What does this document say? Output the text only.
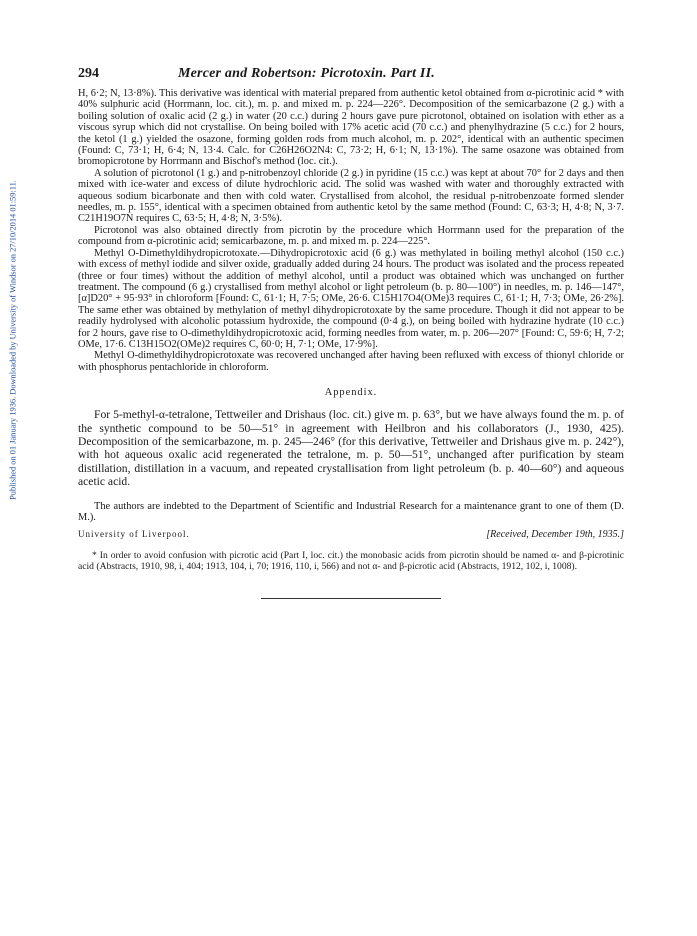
Published on 01 January 1936. Downloaded by University of Windsor on 27/10/2014 01:59:11.
294	Mercer and Robertson: Picrotoxin. Part II.

H, 6·2; N, 13·8%). This derivative was identical with material prepared from authentic ketol obtained from α-picrotinic acid * with 40% sulphuric acid (Horrmann, loc. cit.), m. p. and mixed m. p. 224—226°. Decomposition of the semicarbazone (2 g.) with a boiling solution of oxalic acid (2 g.) in water (20 c.c.) during 2 hours gave pure picrotonol, obtained on isolation with ether as a viscous syrup which did not crystallise. On being boiled with 17% acetic acid (70 c.c.) and phenylhydrazine (5 c.c.) for 2 hours, the ketol (1 g.) yielded the osazone, forming golden rods from much alcohol, m. p. 202°, identical with an authentic specimen (Found: C, 73·1; H, 6·4; N, 13·4. Calc. for C26H26O2N4: C, 73·2; H, 6·1; N, 13·1%). The same osazone was obtained from bromopicrotone by Horrmann and Bischof's method (loc. cit.).

A solution of picrotonol (1 g.) and p-nitrobenzoyl chloride (2 g.) in pyridine (15 c.c.) was kept at about 70° for 2 days and then mixed with ice-water and excess of dilute hydrochloric acid. The solid was washed with water and thoroughly extracted with aqueous sodium bicarbonate and then with cold water. Crystallised from alcohol, the residual p-nitrobenzoate formed slender needles, m. p. 155°, identical with a specimen obtained from authentic ketol by the same method (Found: C, 63·3; H, 4·8; N, 3·7. C21H19O7N requires C, 63·5; H, 4·8; N, 3·5%).

Picrotonol was also obtained directly from picrotin by the procedure which Horrmann used for the preparation of the compound from α-picrotinic acid; semicarbazone, m. p. and mixed m. p. 224—225°.

Methyl O-Dimethyldihydropicrotoxate.—Dihydropicrotoxic acid (6 g.) was methylated in boiling methyl alcohol (150 c.c.) with excess of methyl iodide and silver oxide, gradually added during 24 hours. The product was isolated and the process repeated (three or four times) without the addition of methyl alcohol, until a product was obtained which was unchanged on further treatment. The compound (6 g.) crystallised from methyl alcohol or light petroleum (b. p. 80—100°) in needles, m. p. 146—147°, [α]D20° + 95·93° in chloroform [Found: C, 61·1; H, 7·5; OMe, 26·6. C15H17O4(OMe)3 requires C, 61·1; H, 7·3; OMe, 26·2%]. The same ether was obtained by methylation of methyl dihydropicrotoxate by the same procedure. Though it did not appear to be readily hydrolysed with alcoholic potassium hydroxide, the compound (0·4 g.), on being boiled with hydrazine hydrate (10 c.c.) for 2 hours, gave rise to O-dimethyldihydropicrotoxic acid, forming needles from water, m. p. 206—207° [Found: C, 59·6; H, 7·2; OMe, 17·6. C13H15O2(OMe)2 requires C, 60·0; H, 7·1; OMe, 17·9%].

Methyl O-dimethyldihydropicrotoxate was recovered unchanged after having been refluxed with excess of thionyl chloride or with phosphorus pentachloride in chloroform.

Appendix.

For 5-methyl-α-tetralone, Tettweiler and Drishaus (loc. cit.) give m. p. 63°, but we have always found the m. p. of the synthetic compound to be 50—51° in agreement with Heilbron and his collaborators (J., 1930, 425). Decomposition of the semicarbazone, m. p. 245—246° (for this derivative, Tettweiler and Drishaus give m. p. 242°), with hot aqueous oxalic acid regenerated the tetralone, m. p. 50—51°, unchanged after purification by steam distillation, distillation in a vacuum, and repeated crystallisation from light petroleum (b. p. 40—60°) and aqueous acetic acid.

The authors are indebted to the Department of Scientific and Industrial Research for a maintenance grant to one of them (D. M.).

University of Liverpool.	[Received, December 19th, 1935.]

* In order to avoid confusion with picrotic acid (Part I, loc. cit.) the monobasic acids from picrotin should be named α- and β-picrotinic acid (Abstracts, 1910, 98, i, 404; 1913, 104, i, 70; 1916, 110, i, 566) and not α- and β-picrotic acid (Abstracts, 1912, 102, i, 1008).
